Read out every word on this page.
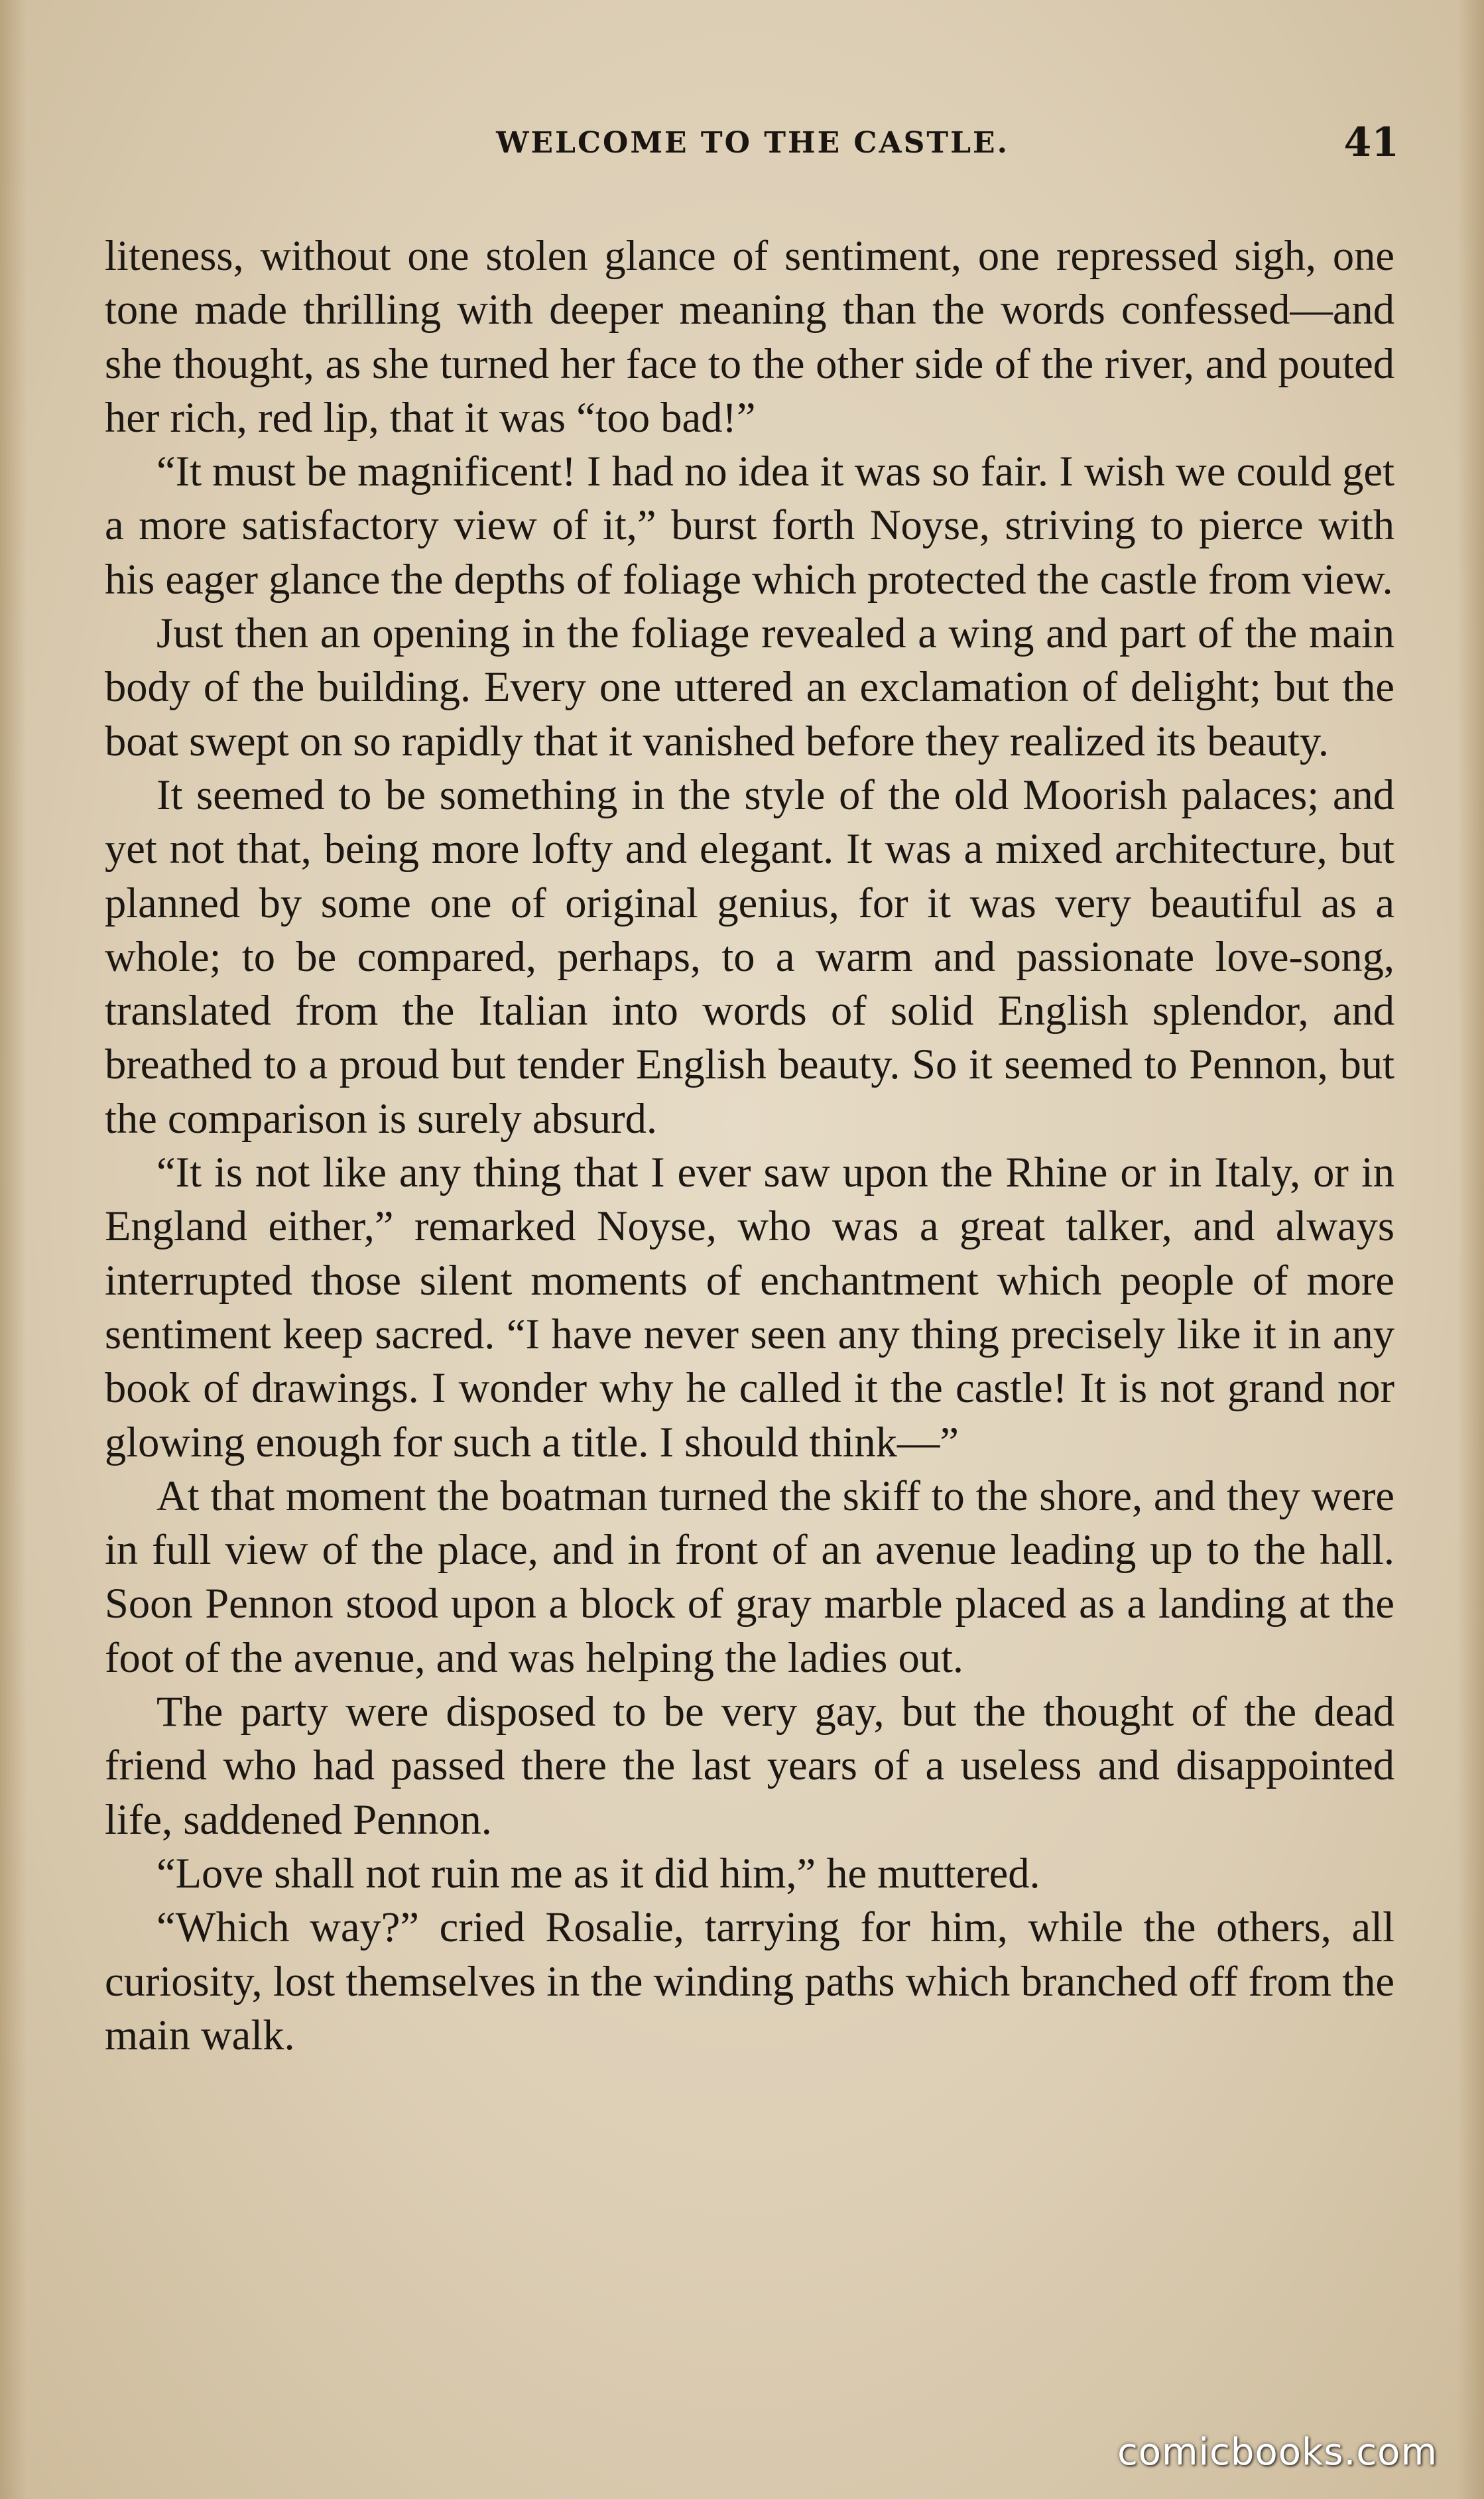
WELCOME TO THE CASTLE.	41

liteness, without one stolen glance of sentiment, one repressed sigh, one tone made thrilling with deeper meaning than the words confessed—and she thought, as she turned her face to the other side of the river, and pouted her rich, red lip, that it was “too bad!”

“It must be magnificent! I had no idea it was so fair. I wish we could get a more satisfactory view of it,” burst forth Noyse, striving to pierce with his eager glance the depths of foliage which protected the castle from view.

Just then an opening in the foliage revealed a wing and part of the main body of the building. Every one uttered an exclamation of delight; but the boat swept on so rapidly that it vanished before they realized its beauty.

It seemed to be something in the style of the old Moorish palaces; and yet not that, being more lofty and elegant. It was a mixed architecture, but planned by some one of original genius, for it was very beautiful as a whole; to be compared, perhaps, to a warm and passionate love-song, translated from the Italian into words of solid English splendor, and breathed to a proud but tender English beauty. So it seemed to Pennon, but the comparison is surely absurd.

“It is not like any thing that I ever saw upon the Rhine or in Italy, or in England either,” remarked Noyse, who was a great talker, and always interrupted those silent moments of enchantment which people of more sentiment keep sacred. “I have never seen any thing precisely like it in any book of drawings. I wonder why he called it the castle! It is not grand nor glowing enough for such a title. I should think—”

At that moment the boatman turned the skiff to the shore, and they were in full view of the place, and in front of an avenue leading up to the hall. Soon Pennon stood upon a block of gray marble placed as a landing at the foot of the avenue, and was helping the ladies out.

The party were disposed to be very gay, but the thought of the dead friend who had passed there the last years of a useless and disappointed life, saddened Pennon.

“Love shall not ruin me as it did him,” he muttered.

“Which way?” cried Rosalie, tarrying for him, while the others, all curiosity, lost themselves in the winding paths which branched off from the main walk.

comicbooks.com
